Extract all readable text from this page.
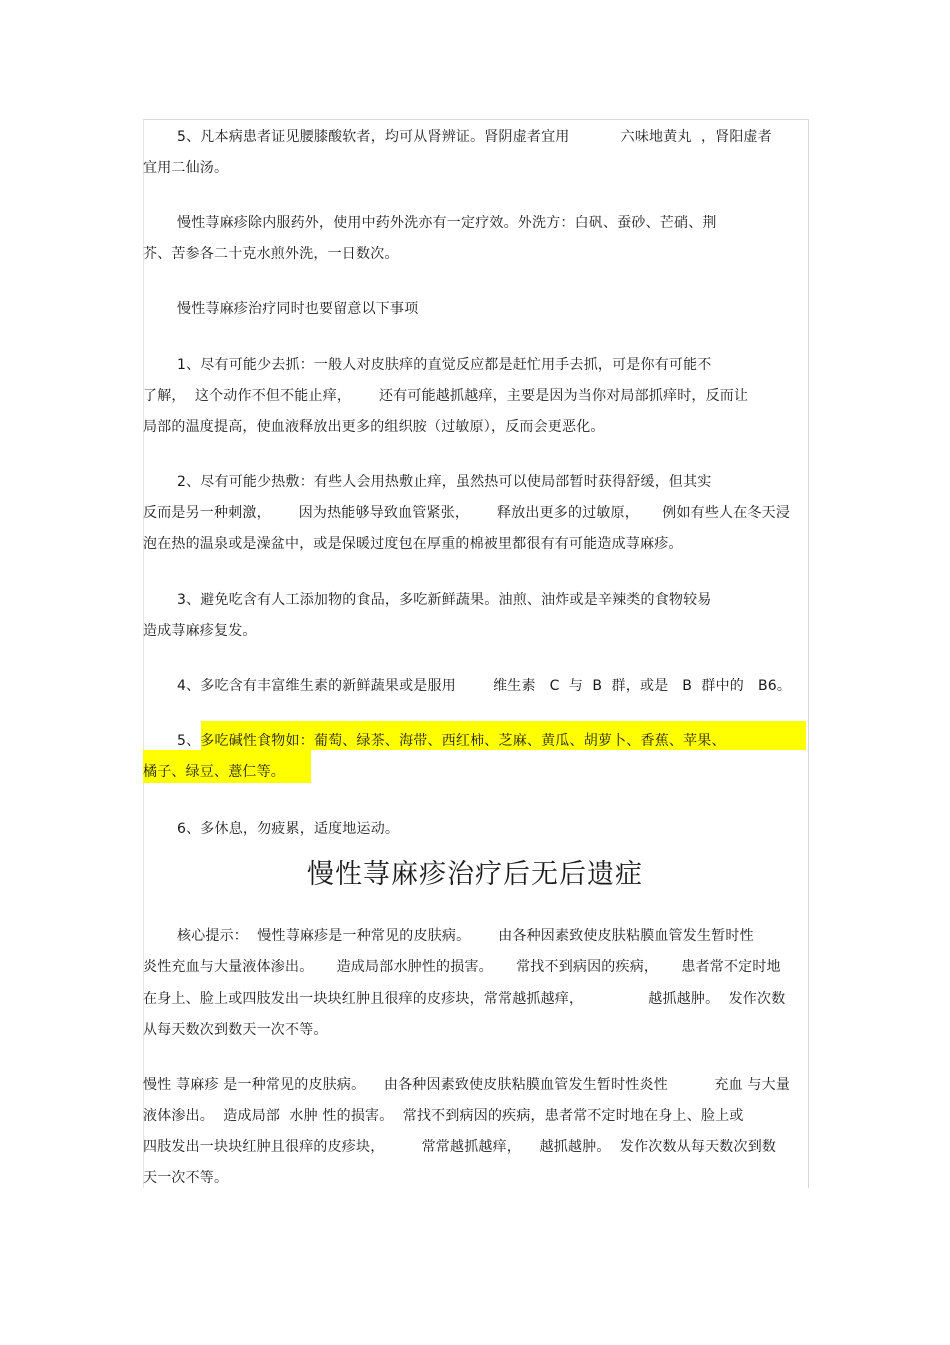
5、凡本病患者证见腰膝酸软者，均可从肾辨证。肾阴虚者宜用           六味地黄丸  ，肾阳虚者
宜用二仙汤。
慢性荨麻疹除内服药外，使用中药外洗亦有一定疗效。外洗方：白矾、蚕砂、芒硝、荆
芥、苦参各二十克水煎外洗，一日数次。
慢性荨麻疹治疗同时也要留意以下事项
1、尽有可能少去抓：一般人对皮肤痒的直觉反应都是赶忙用手去抓，可是你有可能不
了解，  这个动作不但不能止痒，      还有可能越抓越痒，主要是因为当你对局部抓痒时，反而让
局部的温度提高，使血液释放出更多的组织胺（过敏原），反而会更恶化。
2、尽有可能少热敷：有些人会用热敷止痒，虽然热可以使局部暂时获得舒缓，但其实
反而是另一种刺激，      因为热能够导致血管紧张，      释放出更多的过敏原，     例如有些人在冬天浸
泡在热的温泉或是澡盆中，或是保暖过度包在厚重的棉被里都很有有可能造成荨麻疹。
3、避免吃含有人工添加物的食品，多吃新鲜蔬果。油煎、油炸或是辛辣类的食物较易
造成荨麻疹复发。
4、多吃含有丰富维生素的新鲜蔬果或是服用        维生素   C  与  B  群，或是   B  群中的   B6。
5、多吃碱性食物如：葡萄、绿茶、海带、西红柿、芝麻、黄瓜、胡萝卜、香蕉、苹果、
橘子、绿豆、薏仁等。
6、多休息，勿疲累，适度地运动。
慢性荨麻疹治疗后无后遗症
核心提示：  慢性荨麻疹是一种常见的皮肤病。      由各种因素致使皮肤粘膜血管发生暂时性
炎性充血与大量液体渗出。     造成局部水肿性的损害。     常找不到病因的疾病，     患者常不定时地
在身上、脸上或四肢发出一块块红肿且很痒的皮疹块，常常越抓越痒，              越抓越肿。  发作次数
从每天数次到数天一次不等。
慢性 荨麻疹 是一种常见的皮肤病。    由各种因素致使皮肤粘膜血管发生暂时性炎性          充血 与大量
液体渗出。  造成局部  水肿 性的损害。  常找不到病因的疾病，患者常不定时地在身上、脸上或
四肢发出一块块红肿且很痒的皮疹块，        常常越抓越痒，    越抓越肿。  发作次数从每天数次到数
天一次不等。
